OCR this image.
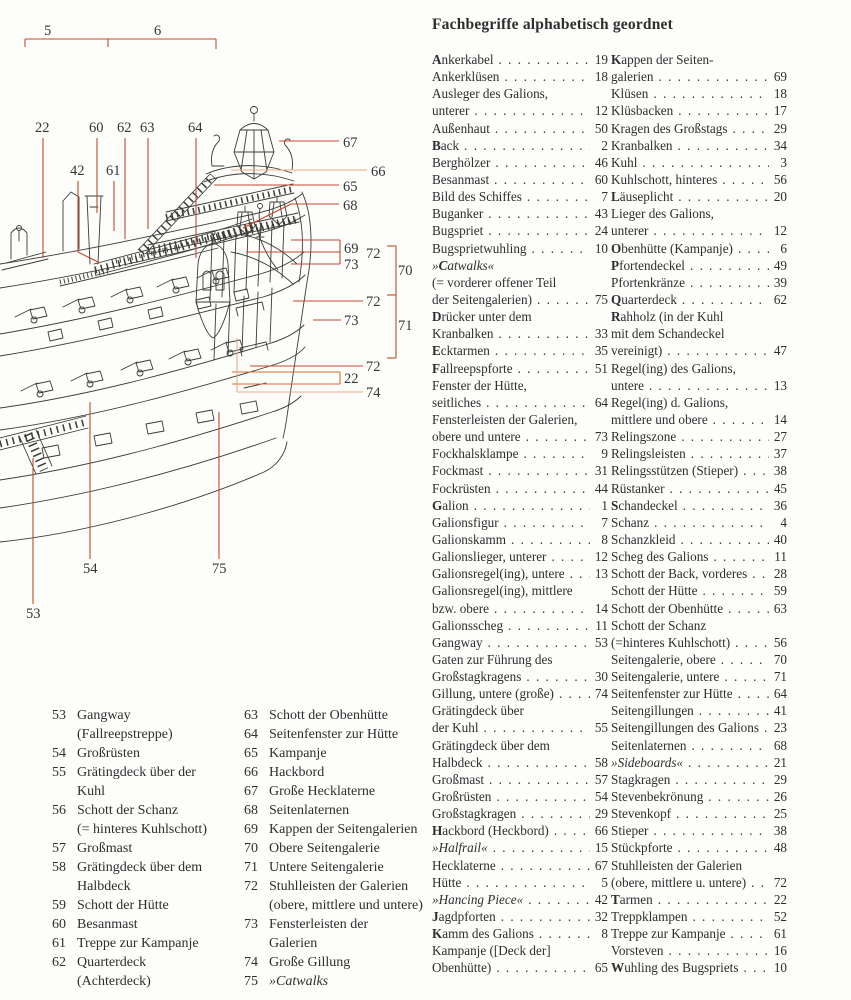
5	6
22	60 62 63 64
42 61
67
66
65
68
69
73
72
70
72
71
73
72
22
74
54	75
53
Fachbegriffe alphabetisch geordnet
Ankerkabel . . .	19
Ankerklüsen . . .	18
Ausleger des Galions,
unterer . . .	12
Außenhaut . . .	50
Back . . .	2
Berghölzer . . .	46
Besanmast . . .	60
Bild des Schiffes . . .	7
Buganker . . .	43
Bugspriet . . .	24
Bugsprietwuhling . . .	10
»Catwalks«
(= vorderer offener Teil
der Seitengalerien) . . .	75
Drücker unter dem
Kranbalken . . .	33
Ecktarmen . . .	35
Fallreepspforte . . .	51
Fenster der Hütte,
seitliches . . .	64
Fensterleisten der Galerien,
obere und untere . . .	73
Fockhalsklampe . . .	9
Fockmast . . .	31
Fockrüsten . . .	44
Galion . . .	1
Galionsfigur . . .	7
Galionskamm . . .	8
Galionslieger, unterer . . .	12
Galionsregel(ing), untere . . . 13
Galionsregel(ing), mittlere
bzw. obere . . .	14
Galionsscheg . . .	11
Gangway . . .	53
Gaten zur Führung des
Großstagkragens . . .	30
Gillung, untere (große) . . .	74
Grätingdeck über
der Kuhl . . .	55
Grätingdeck über dem
Halbdeck . . .	58
Großmast . . .	57
Großrüsten . . .	54
Großstagkragen . . .	29
Hackbord (Heckbord) . . .	66
»Halfrail« . . .	15
Hecklaterne . . .	67
Hütte . . .	5
»Hancing Piece« . . .	42
Jagdpforten . . .	32
Kamm des Galions . . .	8
Kampanje ([Deck der]
Obenhütte) . . .	65
Kappen der Seiten-
galerien . . .	69
Klüsen . . .	18
Klüsbacken . . .	17
Kragen des Großstags . . .	29
Kranbalken . . .	34
Kuhl . . .	3
Kuhlschott, hinteres . . .	56
Läuseplicht . . .	20
Lieger des Galions,
unterer . . .	12
Obenhütte (Kampanje) . . .	6
Pfortendeckel . . .	49
Pfortenkränze . . .	39
Quarterdeck . . .	62
Rahholz (in der Kuhl
mit dem Schandeckel
vereinigt) . . .	47
Regel(ing) des Galions,
untere . . .	13
Regel(ing) d. Galions,
mittlere und obere . . .	14
Relingszone . . .	27
Relingsleisten . . .	37
Relingsstützen (Stieper) . . .	38
Rüstanker . . .	45
Schandeckel . . .	36
Schanz . . .	4
Schanzkleid . . .	40
Scheg des Galions . . .	11
Schott der Back, vorderes . . . 28
Schott der Hütte . . .	59
Schott der Obenhütte . . .	63
Schott der Schanz
(=hinteres Kuhlschott) . . .	56
Seitengalerie, obere . . .	70
Seitengalerie, untere . . .	71
Seitenfenster zur Hütte . . .	64
Seitengillungen . . .	41
Seitengillungen des Galions . . . 23
Seitenlaternen . . .	68
»Sideboards« . . .	21
Stagkragen . . .	29
Stevenbekrönung . . .	26
Stevenkopf . . .	25
Stieper . . .	38
Stückpforte . . .	48
Stuhlleisten der Galerien
(obere, mittlere u. untere) . . . 72
Tarmen . . .	22
Treppklampen . . .	52
Treppe zur Kampanje . . .	61
Vorsteven . . .	16
Wuhling des Bugspriets . . .	10
53 Gangway
(Fallreepstreppe)
54 Großrüsten
55 Grätingdeck über der
Kuhl
56 Schott der Schanz
(= hinteres Kuhlschott)
57 Großmast
58 Grätingdeck über dem
Halbdeck
59 Schott der Hütte
60 Besanmast
61 Treppe zur Kampanje
62 Quarterdeck
(Achterdeck)
63 Schott der Obenhütte
64 Seitenfenster zur Hütte
65 Kampanje
66 Hackbord
67 Große Hecklaterne
68 Seitenlaternen
69 Kappen der Seitengalerien
70 Obere Seitengalerie
71 Untere Seitengalerie
72 Stuhlleisten der Galerien
(obere, mittlere und untere)
73 Fensterleisten der
Galerien
74 Große Gillung
75 »Catwalks
